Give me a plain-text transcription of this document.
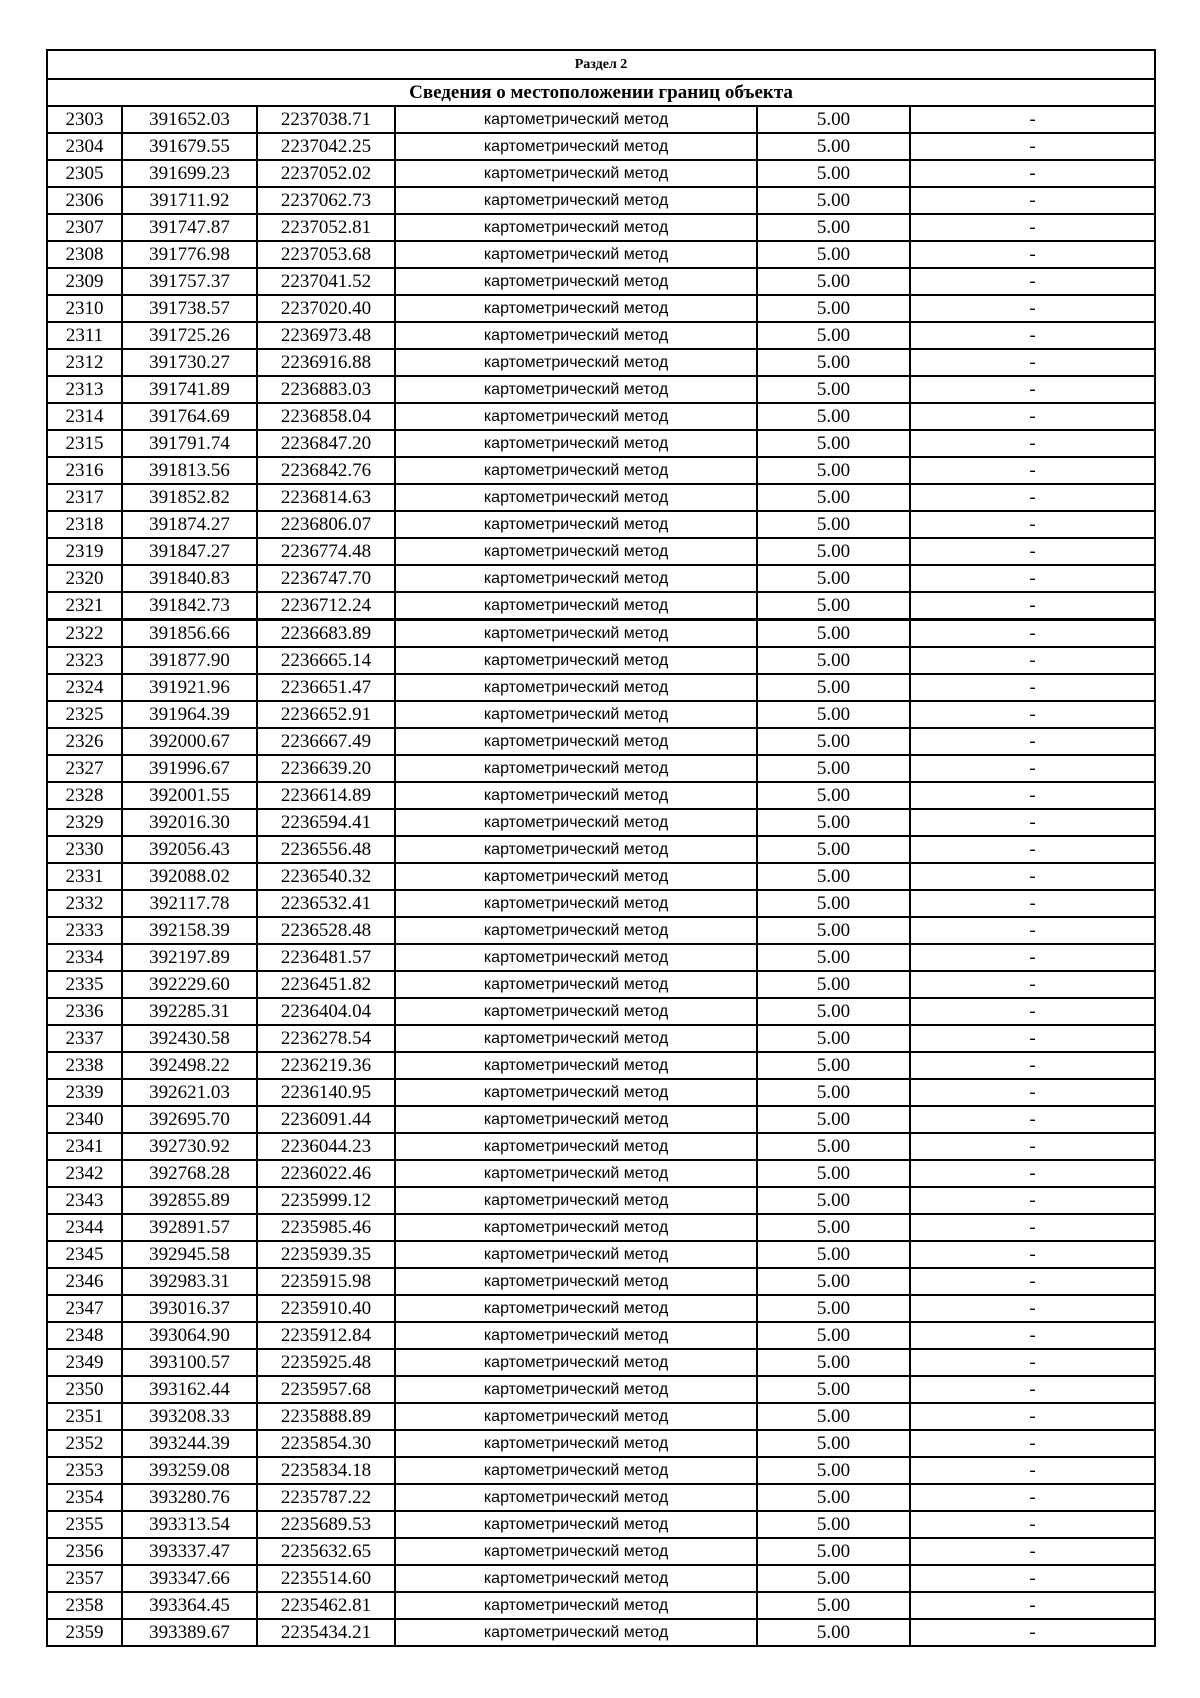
Раздел 2					
Сведения о местоположении границ объекта					
2303	391652.03	2237038.71	картометрический метод	5.00	-
2304	391679.55	2237042.25	картометрический метод	5.00	-
2305	391699.23	2237052.02	картометрический метод	5.00	-
2306	391711.92	2237062.73	картометрический метод	5.00	-
2307	391747.87	2237052.81	картометрический метод	5.00	-
2308	391776.98	2237053.68	картометрический метод	5.00	-
2309	391757.37	2237041.52	картометрический метод	5.00	-
2310	391738.57	2237020.40	картометрический метод	5.00	-
2311	391725.26	2236973.48	картометрический метод	5.00	-
2312	391730.27	2236916.88	картометрический метод	5.00	-
2313	391741.89	2236883.03	картометрический метод	5.00	-
2314	391764.69	2236858.04	картометрический метод	5.00	-
2315	391791.74	2236847.20	картометрический метод	5.00	-
2316	391813.56	2236842.76	картометрический метод	5.00	-
2317	391852.82	2236814.63	картометрический метод	5.00	-
2318	391874.27	2236806.07	картометрический метод	5.00	-
2319	391847.27	2236774.48	картометрический метод	5.00	-
2320	391840.83	2236747.70	картометрический метод	5.00	-
2321	391842.73	2236712.24	картометрический метод	5.00	-
2322	391856.66	2236683.89	картометрический метод	5.00	-
2323	391877.90	2236665.14	картометрический метод	5.00	-
2324	391921.96	2236651.47	картометрический метод	5.00	-
2325	391964.39	2236652.91	картометрический метод	5.00	-
2326	392000.67	2236667.49	картометрический метод	5.00	-
2327	391996.67	2236639.20	картометрический метод	5.00	-
2328	392001.55	2236614.89	картометрический метод	5.00	-
2329	392016.30	2236594.41	картометрический метод	5.00	-
2330	392056.43	2236556.48	картометрический метод	5.00	-
2331	392088.02	2236540.32	картометрический метод	5.00	-
2332	392117.78	2236532.41	картометрический метод	5.00	-
2333	392158.39	2236528.48	картометрический метод	5.00	-
2334	392197.89	2236481.57	картометрический метод	5.00	-
2335	392229.60	2236451.82	картометрический метод	5.00	-
2336	392285.31	2236404.04	картометрический метод	5.00	-
2337	392430.58	2236278.54	картометрический метод	5.00	-
2338	392498.22	2236219.36	картометрический метод	5.00	-
2339	392621.03	2236140.95	картометрический метод	5.00	-
2340	392695.70	2236091.44	картометрический метод	5.00	-
2341	392730.92	2236044.23	картометрический метод	5.00	-
2342	392768.28	2236022.46	картометрический метод	5.00	-
2343	392855.89	2235999.12	картометрический метод	5.00	-
2344	392891.57	2235985.46	картометрический метод	5.00	-
2345	392945.58	2235939.35	картометрический метод	5.00	-
2346	392983.31	2235915.98	картометрический метод	5.00	-
2347	393016.37	2235910.40	картометрический метод	5.00	-
2348	393064.90	2235912.84	картометрический метод	5.00	-
2349	393100.57	2235925.48	картометрический метод	5.00	-
2350	393162.44	2235957.68	картометрический метод	5.00	-
2351	393208.33	2235888.89	картометрический метод	5.00	-
2352	393244.39	2235854.30	картометрический метод	5.00	-
2353	393259.08	2235834.18	картометрический метод	5.00	-
2354	393280.76	2235787.22	картометрический метод	5.00	-
2355	393313.54	2235689.53	картометрический метод	5.00	-
2356	393337.47	2235632.65	картометрический метод	5.00	-
2357	393347.66	2235514.60	картометрический метод	5.00	-
2358	393364.45	2235462.81	картометрический метод	5.00	-
2359	393389.67	2235434.21	картометрический метод	5.00	-
